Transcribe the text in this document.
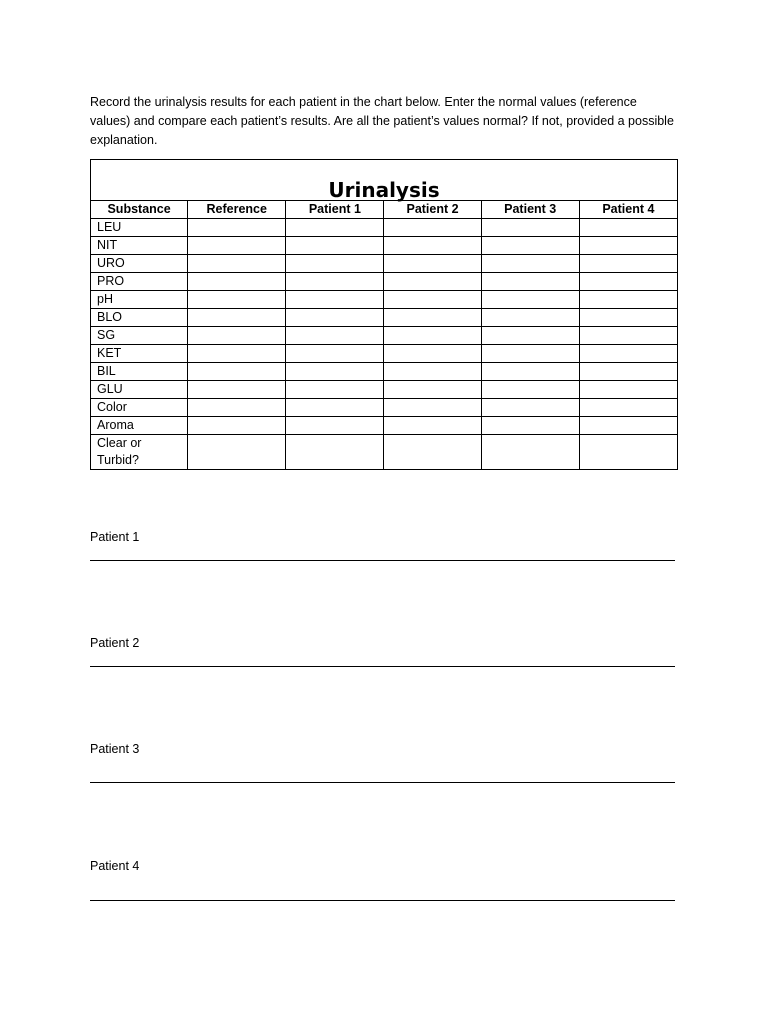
Record the urinalysis results for each patient in the chart below. Enter the normal values (reference values) and compare each patient’s results. Are all the patient’s values normal? If not, provided a possible explanation.

Urinalysis					
Substance	Reference	Patient 1	Patient 2	Patient 3	Patient 4
LEU					
NIT					
URO					
PRO					
pH					
BLO					
SG					
KET					
BIL					
GLU					
Color					
Aroma					
Clear or Turbid?					
Patient 1
Patient 2
Patient 3
Patient 4
